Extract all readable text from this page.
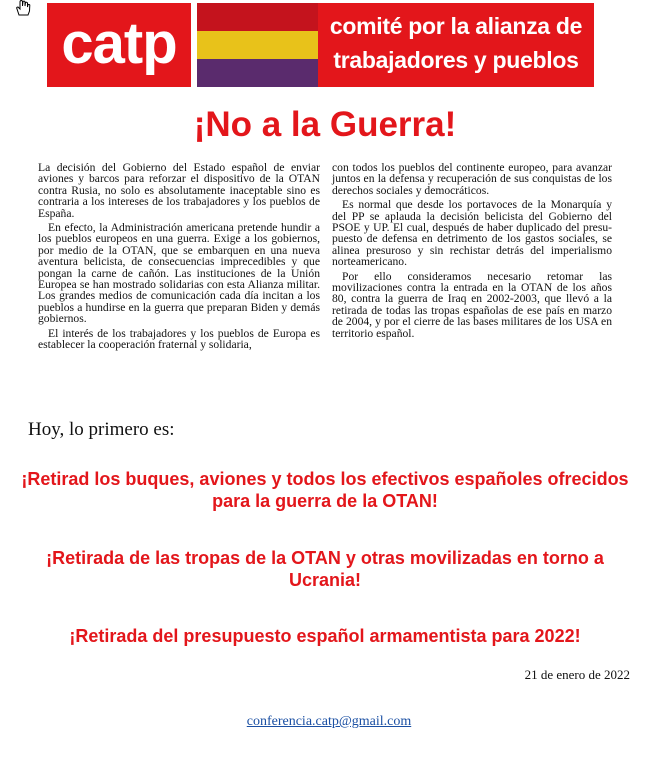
catp	comité por la alianza de
trabajadores y pueblos
¡No a la Guerra!

La decisión del Gobierno del Estado español de enviar aviones y barcos para reforzar el dispositivo de la OTAN contra Rusia, no solo es absolutamente inaceptable sino es contraria a los intereses de los trabajadores y los pueblos de España.

En efecto, la Administración americana pretende hundir a los pueblos europeos en una guerra. Exige a los gobiernos, por medio de la OTAN, que se embarquen en una nueva aventura belicista, de consecuencias imprecedibles y que pongan la carne de cañón. Las instituciones de la Unión Europea se han mostrado solidarias con esta Alianza militar. Los grandes medios de comunicación cada día incitan a los pueblos a hundirse en la guerra que preparan Biden y demás gobiernos.

El interés de los trabajadores y los pueblos de Europa es establecer la cooperación fraternal y solidaria,

con todos los pueblos del continente europeo, para avanzar juntos en la defensa y recuperación de sus conquistas de los derechos sociales y democráticos.

Es normal que desde los portavoces de la Monarquía y del PP se aplauda la decisión belicista del Gobierno del PSOE y UP. El cual, después de haber duplicado del presu- puesto de defensa en detrimento de los gastos sociales, se alinea presuroso y sin rechistar detrás del imperialismo norteamericano.

Por ello consideramos necesario retomar las movilizaciones contra la entrada en la OTAN de los años 80, contra la guerra de Iraq en 2002-2003, que llevó a la retirada de todas las tropas españolas de ese país en marzo de 2004, y por el cierre de las bases militares de los USA en territorio español.

Hoy, lo primero es:
¡Retirad los buques, aviones y todos los efectivos españoles ofrecidos para la guerra de la OTAN!
¡Retirada de las tropas de la OTAN y otras movilizadas en torno a Ucrania!
¡Retirada del presupuesto español armamentista para 2022!
21 de enero de 2022
conferencia.catp@gmail.com
